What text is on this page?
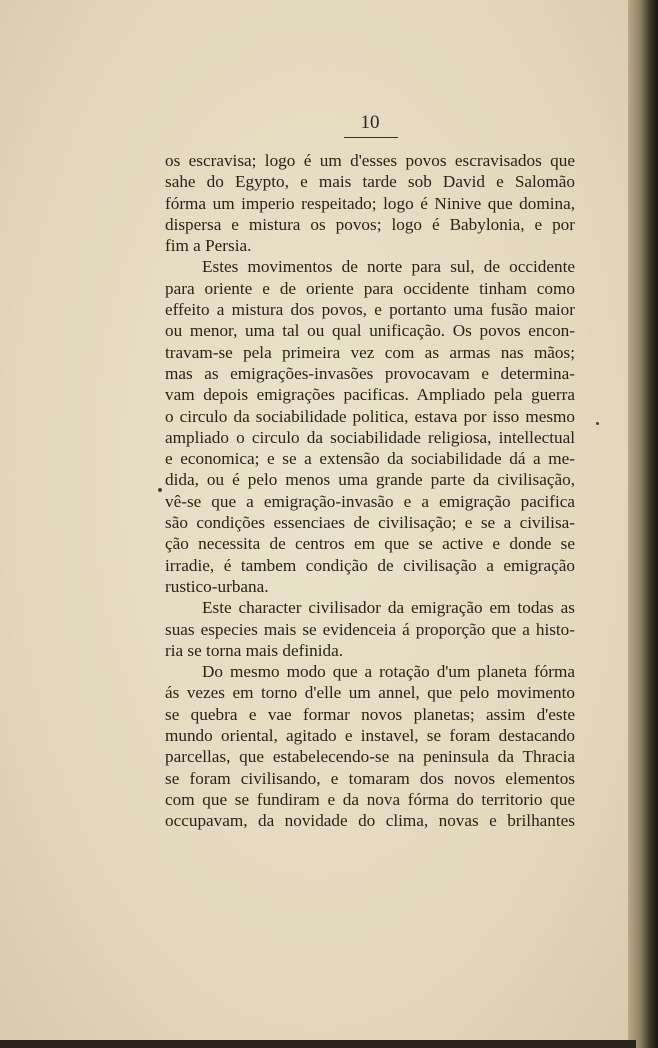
10
os escravisa; logo é um d'esses povos escravisados que
sahe do Egypto, e mais tarde sob David e Salomão
fórma um imperio respeitado; logo é Ninive que domina,
dispersa e mistura os povos; logo é Babylonia, e por
fim a Persia.
Estes movimentos de norte para sul, de occidente
para oriente e de oriente para occidente tinham como
effeito a mistura dos povos, e portanto uma fusão maior
ou menor, uma tal ou qual unificação. Os povos encon-
travam-se pela primeira vez com as armas nas mãos;
mas as emigrações-invasões provocavam e determina-
vam depois emigrações pacificas. Ampliado pela guerra
o circulo da sociabilidade politica, estava por isso mesmo
ampliado o circulo da sociabilidade religiosa, intellectual
e economica; e se a extensão da sociabilidade dá a me-
dida, ou é pelo menos uma grande parte da civilisação,
vê-se que a emigração-invasão e a emigração pacifica
são condições essenciaes de civilisação; e se a civilisa-
ção necessita de centros em que se active e donde se
irradie, é tambem condição de civilisação a emigração
rustico-urbana.
Este character civilisador da emigração em todas as
suas especies mais se evidenceia á proporção que a histo-
ria se torna mais definida.
Do mesmo modo que a rotação d'um planeta fórma
ás vezes em torno d'elle um annel, que pelo movimento
se quebra e vae formar novos planetas; assim d'este
mundo oriental, agitado e instavel, se foram destacando
parcellas, que estabelecendo-se na peninsula da Thracia
se foram civilisando, e tomaram dos novos elementos
com que se fundiram e da nova fórma do territorio que
occupavam, da novidade do clima, novas e brilhantes
